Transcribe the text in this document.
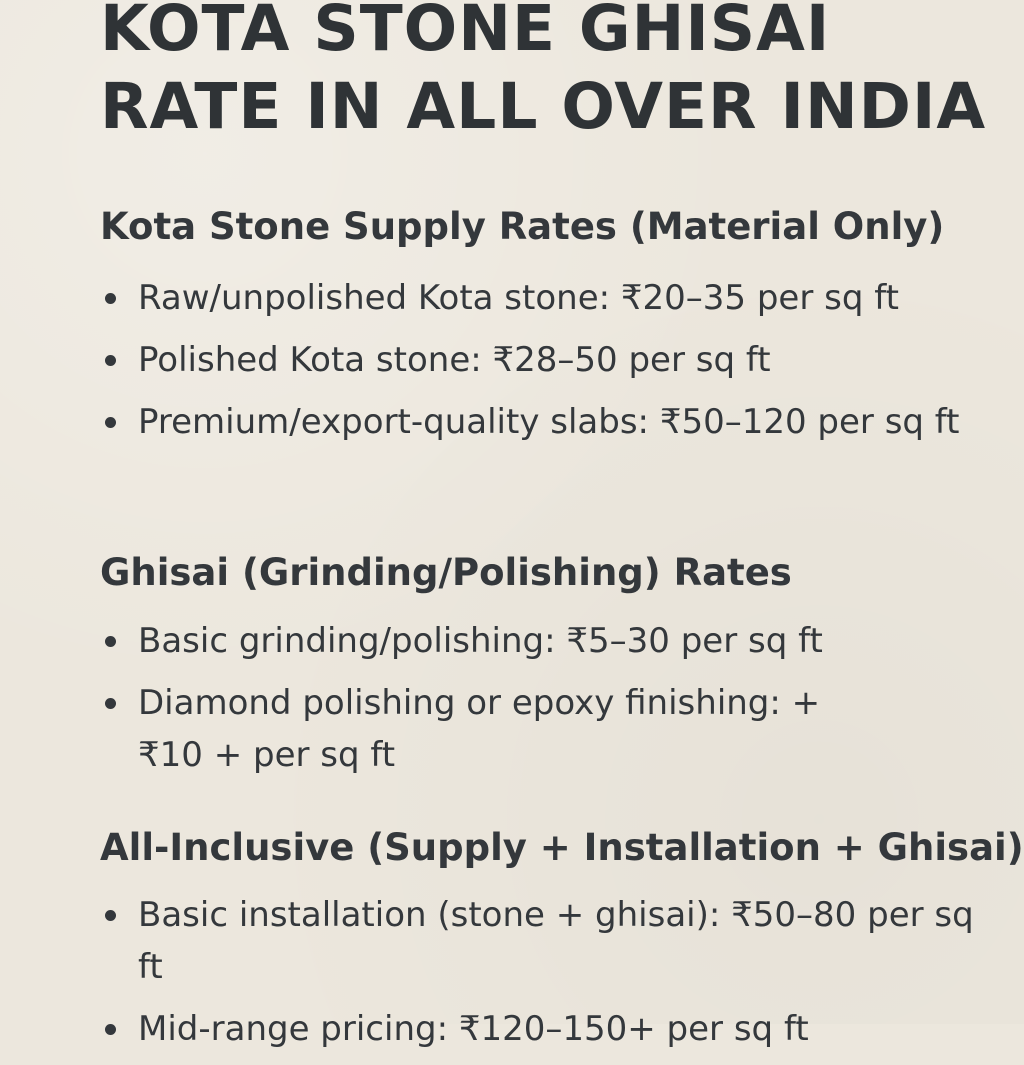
KOTA STONE GHISAI
RATE IN ALL OVER INDIA
Kota Stone Supply Rates (Material Only)
Raw/unpolished Kota stone: ₹20–35 per sq ft
Polished Kota stone: ₹28–50 per sq ft
Premium/export-quality slabs: ₹50–120 per sq ft
Ghisai (Grinding/Polishing) Rates
Basic grinding/polishing: ₹5–30 per sq ft
Diamond polishing or epoxy finishing: + ₹10 + per sq ft
All-Inclusive (Supply + Installation + Ghisai)
Basic installation (stone + ghisai): ₹50–80 per sq ft
Mid-range pricing: ₹120–150+ per sq ft
